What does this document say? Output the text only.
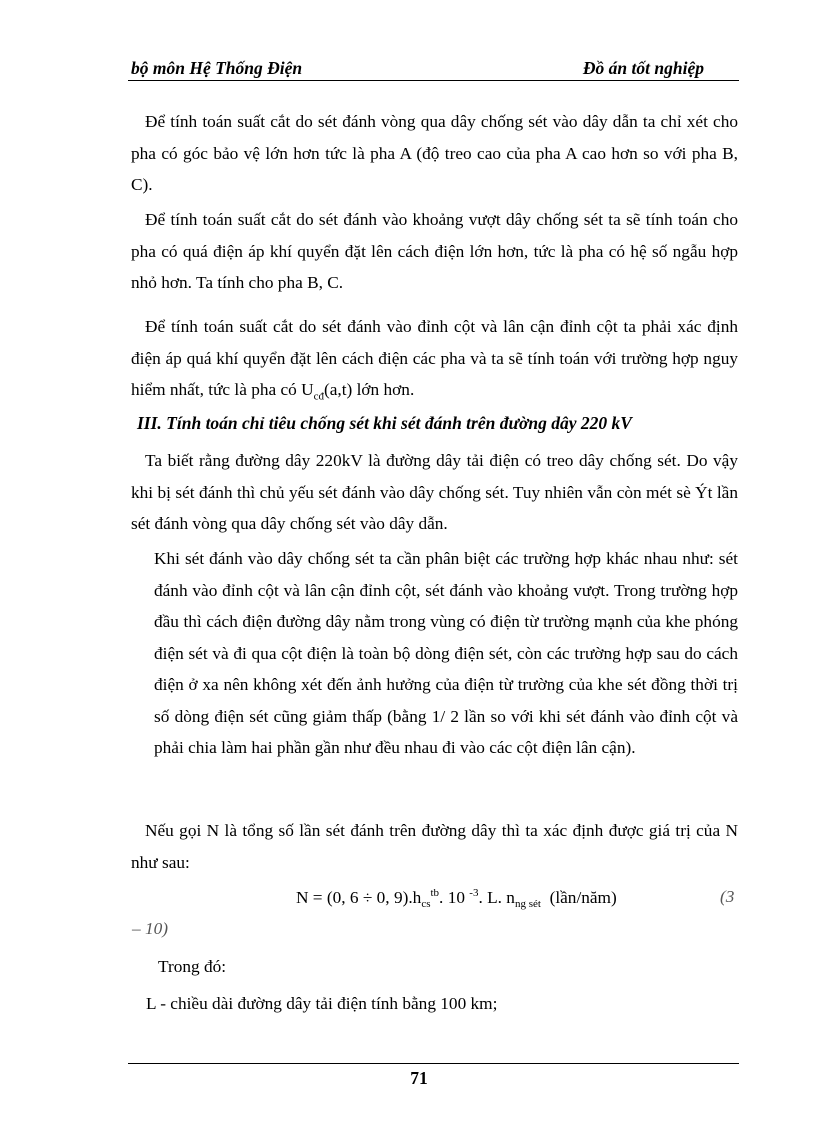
bộ môn Hệ Thống Điện	Đồ án tốt nghiệp
Để tính toán suất cắt do sét đánh vòng qua dây chống sét vào dây dẫn ta chỉ xét cho pha có góc bảo vệ lớn hơn tức là pha A (độ treo cao của pha A cao hơn so với pha B, C).
Để tính toán suất cắt do sét đánh vào khoảng vượt dây chống sét ta sẽ tính toán cho pha có quá điện áp khí quyển đặt lên cách điện lớn hơn, tức là pha có hệ số ngẫu hợp nhỏ hơn. Ta tính cho pha B, C.
Để tính toán suất cắt do sét đánh vào đỉnh cột và lân cận đỉnh cột ta phải xác định điện áp quá khí quyển đặt lên cách điện các pha và ta sẽ tính toán với trường hợp nguy hiểm nhất, tức là pha có $U_{cđ}(a,t)$ lớn hơn.
III. Tính toán chỉ tiêu chống sét khi sét đánh trên đường dây 220 kV
Ta biết rằng đường dây 220kV là đường dây tải điện có treo dây chống sét. Do vậy khi bị sét đánh thì chủ yếu sét đánh vào dây chống sét. Tuy nhiên vẫn còn mét sè Ýt lần sét đánh vòng qua dây chống sét vào dây dẫn.
Khi sét đánh vào dây chống sét ta cần phân biệt các trường hợp khác nhau như: sét đánh vào đỉnh cột và lân cận đỉnh cột, sét đánh vào khoảng vượt. Trong trường hợp đầu thì cách điện đường dây nằm trong vùng có điện từ trường mạnh của khe phóng điện sét và đi qua cột điện là toàn bộ dòng điện sét, còn các trường hợp sau do cách điện ở xa nên không xét đến ảnh hưởng của điện từ trường của khe sét đồng thời trị số dòng điện sét cũng giảm thấp (bằng 1/ 2 lần so với khi sét đánh vào đỉnh cột và phải chia làm hai phần gần như đều nhau đi vào các cột điện lân cận).
Nếu gọi N là tổng số lần sét đánh trên đường dây thì ta xác định được giá trị của N như sau:
N = (0, 6 ÷ 0, $9).h_{cs}^{tb}$. 10 $^{-3}$. L. $n_{ng sét}$  (lần/năm)	(3
– 10)
Trong đó:
L - chiều dài đường dây tải điện tính bằng 100 km;
71
